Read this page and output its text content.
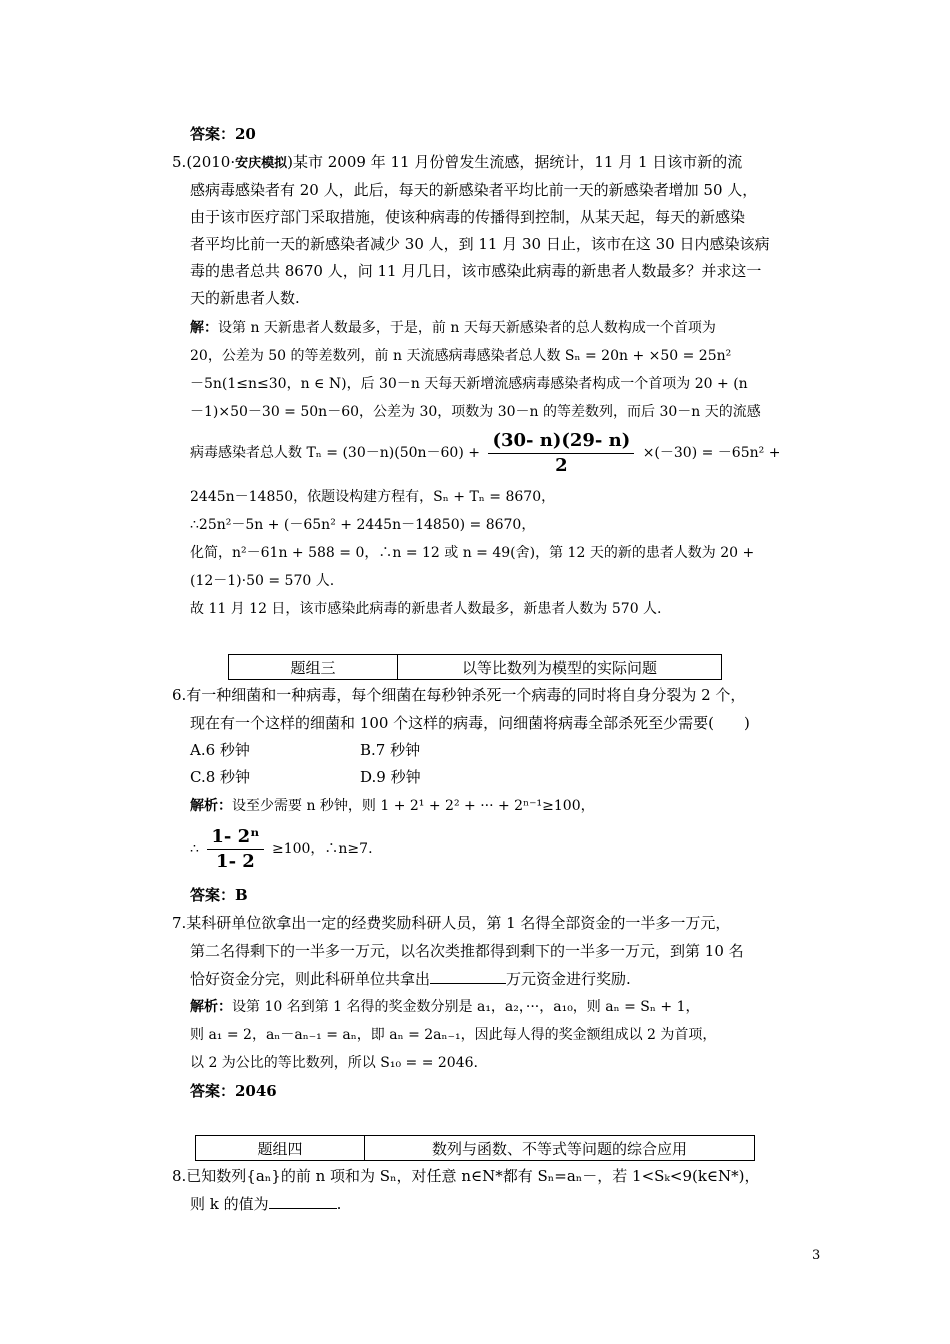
答案：20
5.(2010·安庆模拟)某市 2009 年 11 月份曾发生流感，据统计，11 月 1 日该市新的流
感病毒感染者有 20 人，此后，每天的新感染者平均比前一天的新感染者增加 50 人，
由于该市医疗部门采取措施，使该种病毒的传播得到控制，从某天起，每天的新感染
者平均比前一天的新感染者减少 30 人，到 11 月 30 日止，该市在这 30 日内感染该病
毒的患者总共 8670 人，问 11 月几日，该市感染此病毒的新患者人数最多？并求这一
天的新患者人数.
解：设第 n 天新患者人数最多，于是，前 n 天每天新感染者的总人数构成一个首项为
20，公差为 50 的等差数列，前 n 天流感病毒感染者总人数 Sₙ = 20n + ×50 = 25n²
－5n(1≤n≤30，n ∈ N)，后 30－n 天每天新增流感病毒感染者构成一个首项为 20 + (n
－1)×50－30 = 50n－60，公差为 30，项数为 30－n 的等差数列，而后 30－n 天的流感
病毒感染者总人数 $T_n = (30-n)(50n-60) + \frac{(30- n)(29- n)}{2} \times(-30) = -65n^2$ +
2445n－14850，依题设构建方程有，Sₙ + Tₙ = 8670，
∴25n²－5n + (－65n² + 2445n－14850) = 8670，
化简，n²－61n + 588 = 0，∴n = 12 或 n = 49(舍)，第 12 天的新的患者人数为 20 +
(12－1)·50 = 570 人.
故 11 月 12 日，该市感染此病毒的新患者人数最多，新患者人数为 570 人.
题组三	以等比数列为模型的实际问题
6.有一种细菌和一种病毒，每个细菌在每秒钟杀死一个病毒的同时将自身分裂为 2 个，
现在有一个这样的细菌和 100 个这样的病毒，问细菌将病毒全部杀死至少需要( )
A.6 秒钟	B.7 秒钟
C.8 秒钟	D.9 秒钟
解析：设至少需要 n 秒钟，则 1 + 2¹ + 2² + ··· + 2ⁿ⁻¹≥100，
∴ $\frac{\text{1- 2ⁿ}}{1- 2} \ge 100$，∴n≥7.
答案：B
7.某科研单位欲拿出一定的经费奖励科研人员，第 1 名得全部资金的一半多一万元，
第二名得剩下的一半多一万元，以名次类推都得到剩下的一半多一万元，到第 10 名
恰好资金分完，则此科研单位共拿出	万元资金进行奖励.
解析：设第 10 名到第 1 名得的奖金数分别是 a₁，a₂，···，a₁₀，则 aₙ = Sₙ + 1，
则 a₁ = 2，aₙ－aₙ₋₁ = aₙ，即 aₙ = 2aₙ₋₁，因此每人得的奖金额组成以 2 为首项，
以 2 为公比的等比数列，所以 S₁₀ = = 2046.
答案：2046
题组四	数列与函数、不等式等问题的综合应用
8.已知数列{aₙ}的前 n 项和为 Sₙ，对任意 n∈N*都有 Sₙ=aₙ－，若 1<Sₖ<9(k∈N*)，
则 k 的值为	.
3
